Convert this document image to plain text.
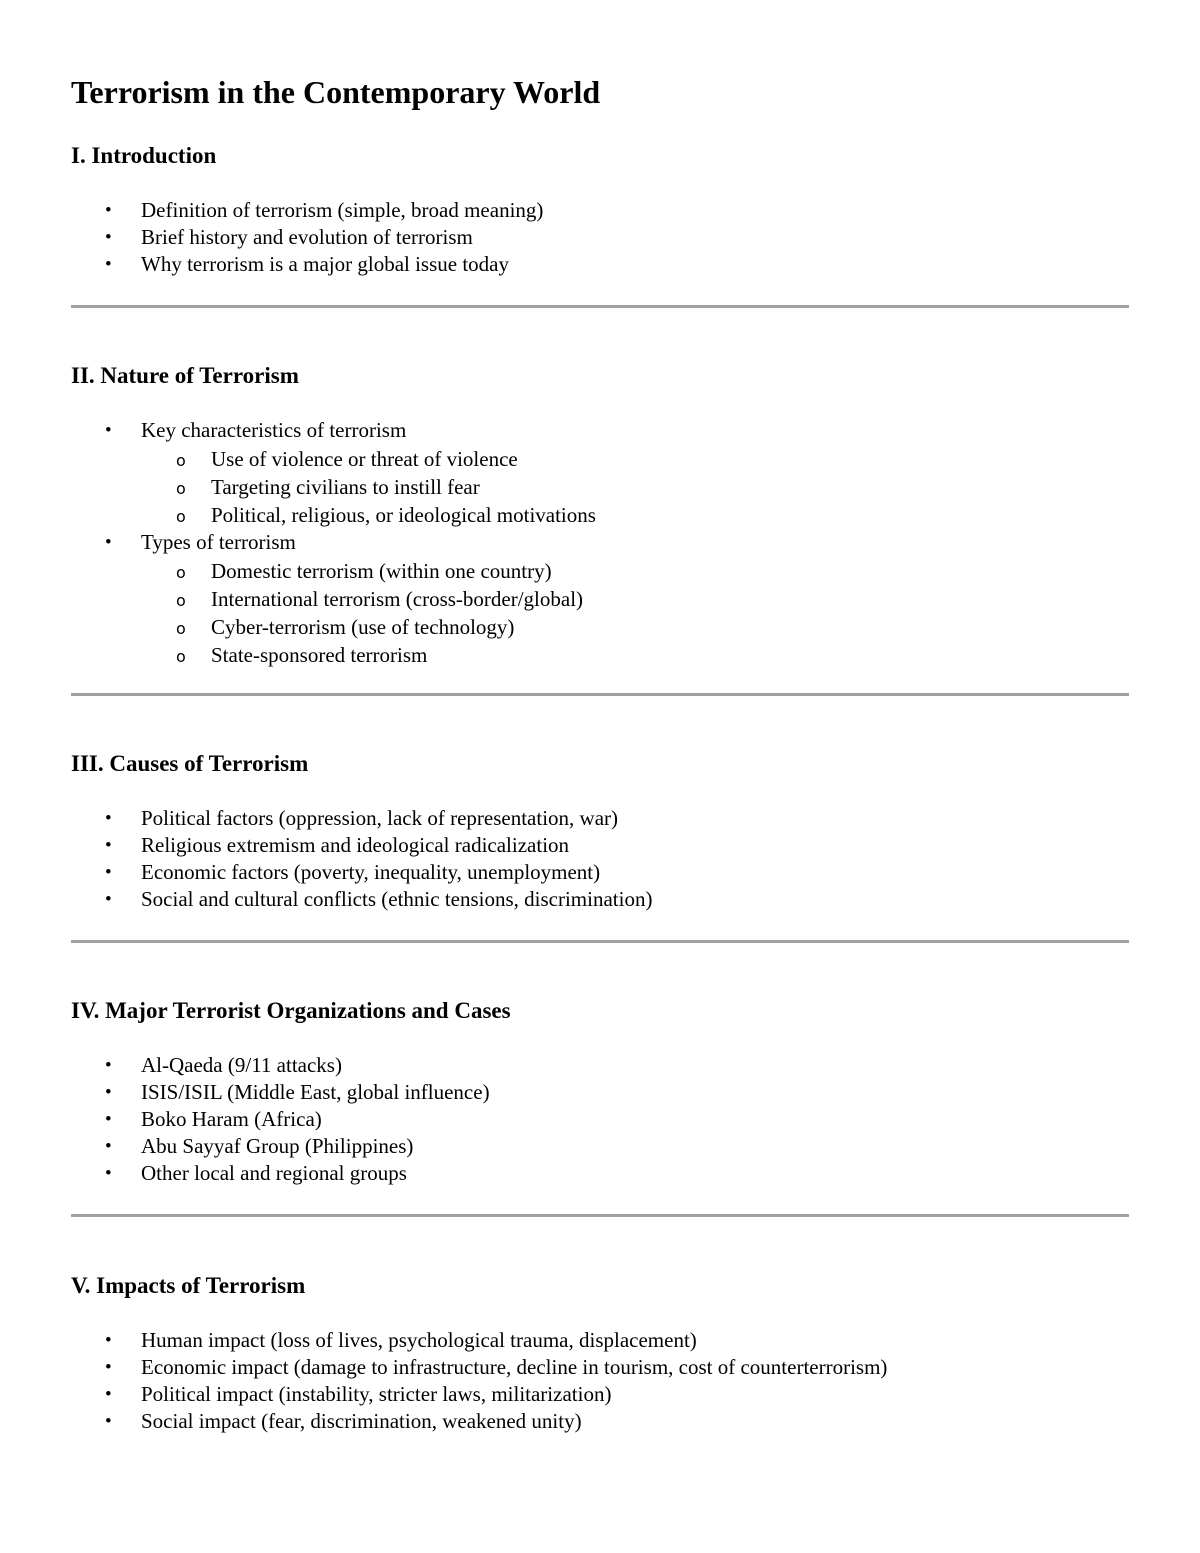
Terrorism in the Contemporary World
I. Introduction
• Definition of terrorism (simple, broad meaning)
• Brief history and evolution of terrorism
• Why terrorism is a major global issue today
II. Nature of Terrorism
• Key characteristics of terrorism
o Use of violence or threat of violence
o Targeting civilians to instill fear
o Political, religious, or ideological motivations
• Types of terrorism
o Domestic terrorism (within one country)
o International terrorism (cross-border/global)
o Cyber-terrorism (use of technology)
o State-sponsored terrorism
III. Causes of Terrorism
• Political factors (oppression, lack of representation, war)
• Religious extremism and ideological radicalization
• Economic factors (poverty, inequality, unemployment)
• Social and cultural conflicts (ethnic tensions, discrimination)
IV. Major Terrorist Organizations and Cases
• Al-Qaeda (9/11 attacks)
• ISIS/ISIL (Middle East, global influence)
• Boko Haram (Africa)
• Abu Sayyaf Group (Philippines)
• Other local and regional groups
V. Impacts of Terrorism
• Human impact (loss of lives, psychological trauma, displacement)
• Economic impact (damage to infrastructure, decline in tourism, cost of counterterrorism)
• Political impact (instability, stricter laws, militarization)
• Social impact (fear, discrimination, weakened unity)
